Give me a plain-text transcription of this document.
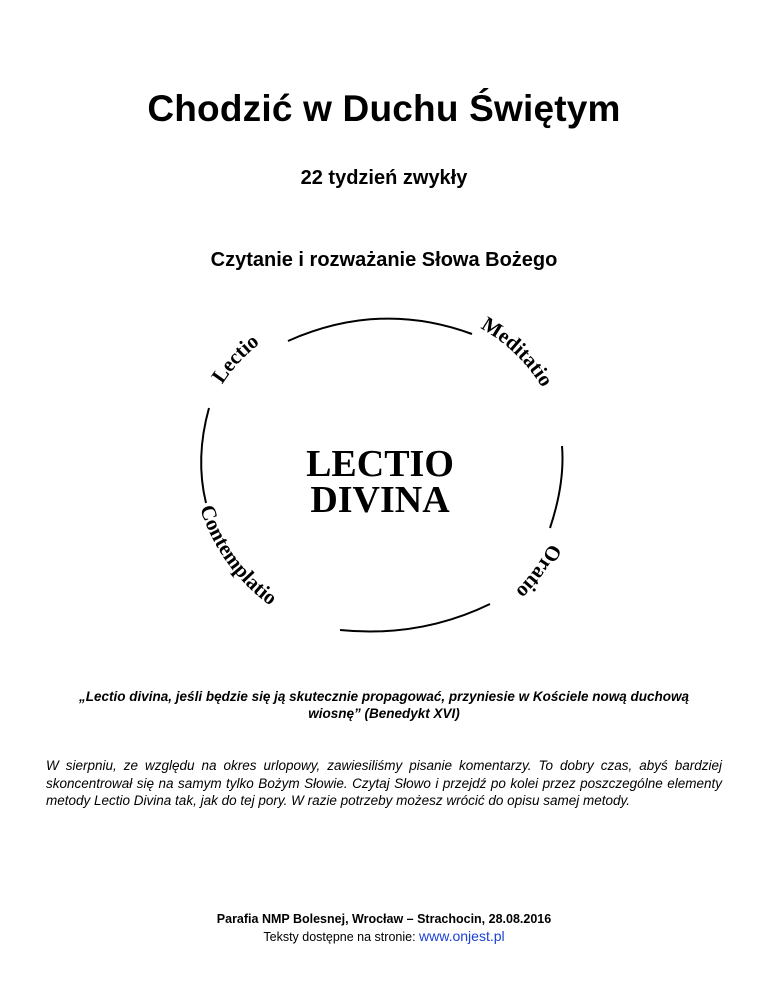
Chodzić w Duchu Świętym
22 tydzień zwykły
Czytanie i rozważanie Słowa Bożego
Lectio	Meditatio
Oratio
Contemplatio
LECTIO
DIVINA
„Lectio divina, jeśli będzie się ją skutecznie propagować, przyniesie w Kościele nową duchową wiosnę” (Benedykt XVI)
W sierpniu, ze względu na okres urlopowy, zawiesiliśmy pisanie komentarzy. To dobry czas, abyś bardziej skoncentrował się na samym tylko Bożym Słowie. Czytaj Słowo i przejdź po kolei przez poszczególne elementy metody Lectio Divina tak, jak do tej pory. W razie potrzeby możesz wrócić do opisu samej metody.
Parafia NMP Bolesnej, Wrocław – Strachocin, 28.08.2016
Teksty dostępne na stronie: www.onjest.pl
